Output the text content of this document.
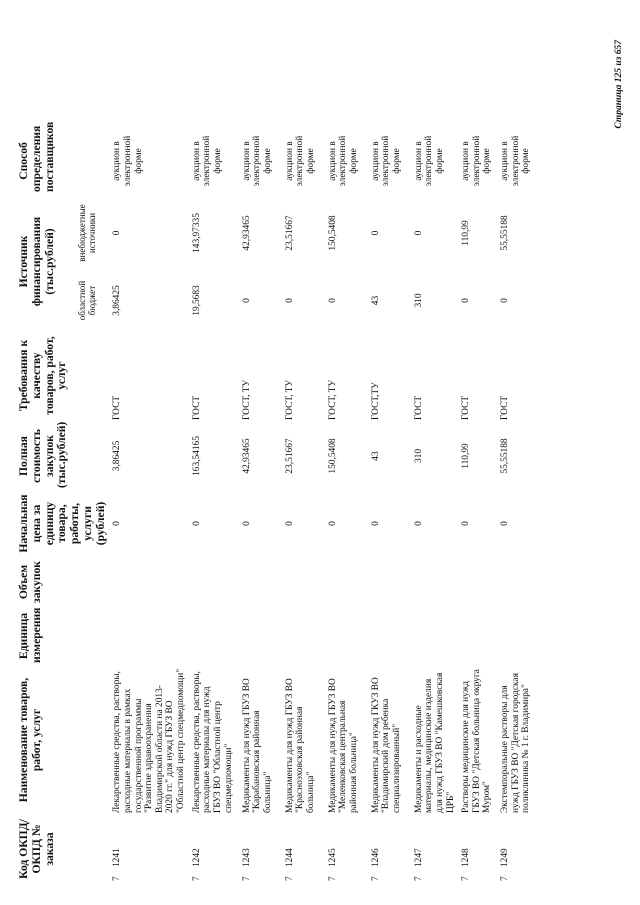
Код ОКПД/ ОКПД № заказа	Наименование товаров, работ, услуг	Единица измерения	Объем закупок	Начальная цена за единицу товара, работы, услуги (рублей)	Полная стоимость закупок (тыс.рублей)	Требования к качеству товаров, работ, услуг	Источник финансирования (тыс.рублей)		Способ определения поставщиков	
							областной бюджет	внебюджетные источники		
71241	Лекарственные средства, растворы, расходные материалы в рамках государственной программы "Развитие здравоохранения Владимирской области на 2013-2020 гг." для нужд ГБУЗ ВО "Областной центр спецмедпомощи"			0	3,86425	ГОСТ	3,86425	0	аукцион в электронной форме	
71242	Лекарственные средства, растворы, расходные материалы для нужд ГБУЗ ВО "Областной центр спецмедпомощи"			0	163,54165	ГОСТ	19,5683	143,97335	аукцион в электронной форме	
71243	Медикаменты для нужд ГБУЗ ВО "Карабановская районная больница"			0	42,93465	ГОСТ, ТУ	0	42,93465	аукцион в электронной форме	
71244	Медикаменты для нужд ГБУЗ ВО "Красноэховская районная больница"			0	23,51667	ГОСТ, ТУ	0	23,51667	аукцион в электронной форме	
71245	Медикаменты для нужд ГБУЗ ВО "Меленковская центральная районная больница"			0	150,5408	ГОСТ, ТУ	0	150,5408	аукцион в электронной форме	
71246	Медикаменты для нужд ГКУЗ ВО "Владимирский дом ребенка специализированный"			0	43	ГОСТ,ТУ	43	0	аукцион в электронной форме	
71247	Медикаменты и расходные материалы, медицинские изделия для нужд ГБУЗ ВО "Камешковская ЦРБ"			0	310	ГОСТ	310	0	аукцион в электронной форме	
71248	Растворы медицинские для нужд ГБУЗ ВО "Детская больница округа Муром"			0	110,99	ГОСТ	0	110,99	аукцион в электронной форме	
71249	Экстемпоральные растворы для нужд ГБУЗ ВО "Детская городская поликлиника № 1 г. Владимира"			0	55,55188	ГОСТ	0	55,55188	аукцион в электронной форме	
Страница 125 из 657
